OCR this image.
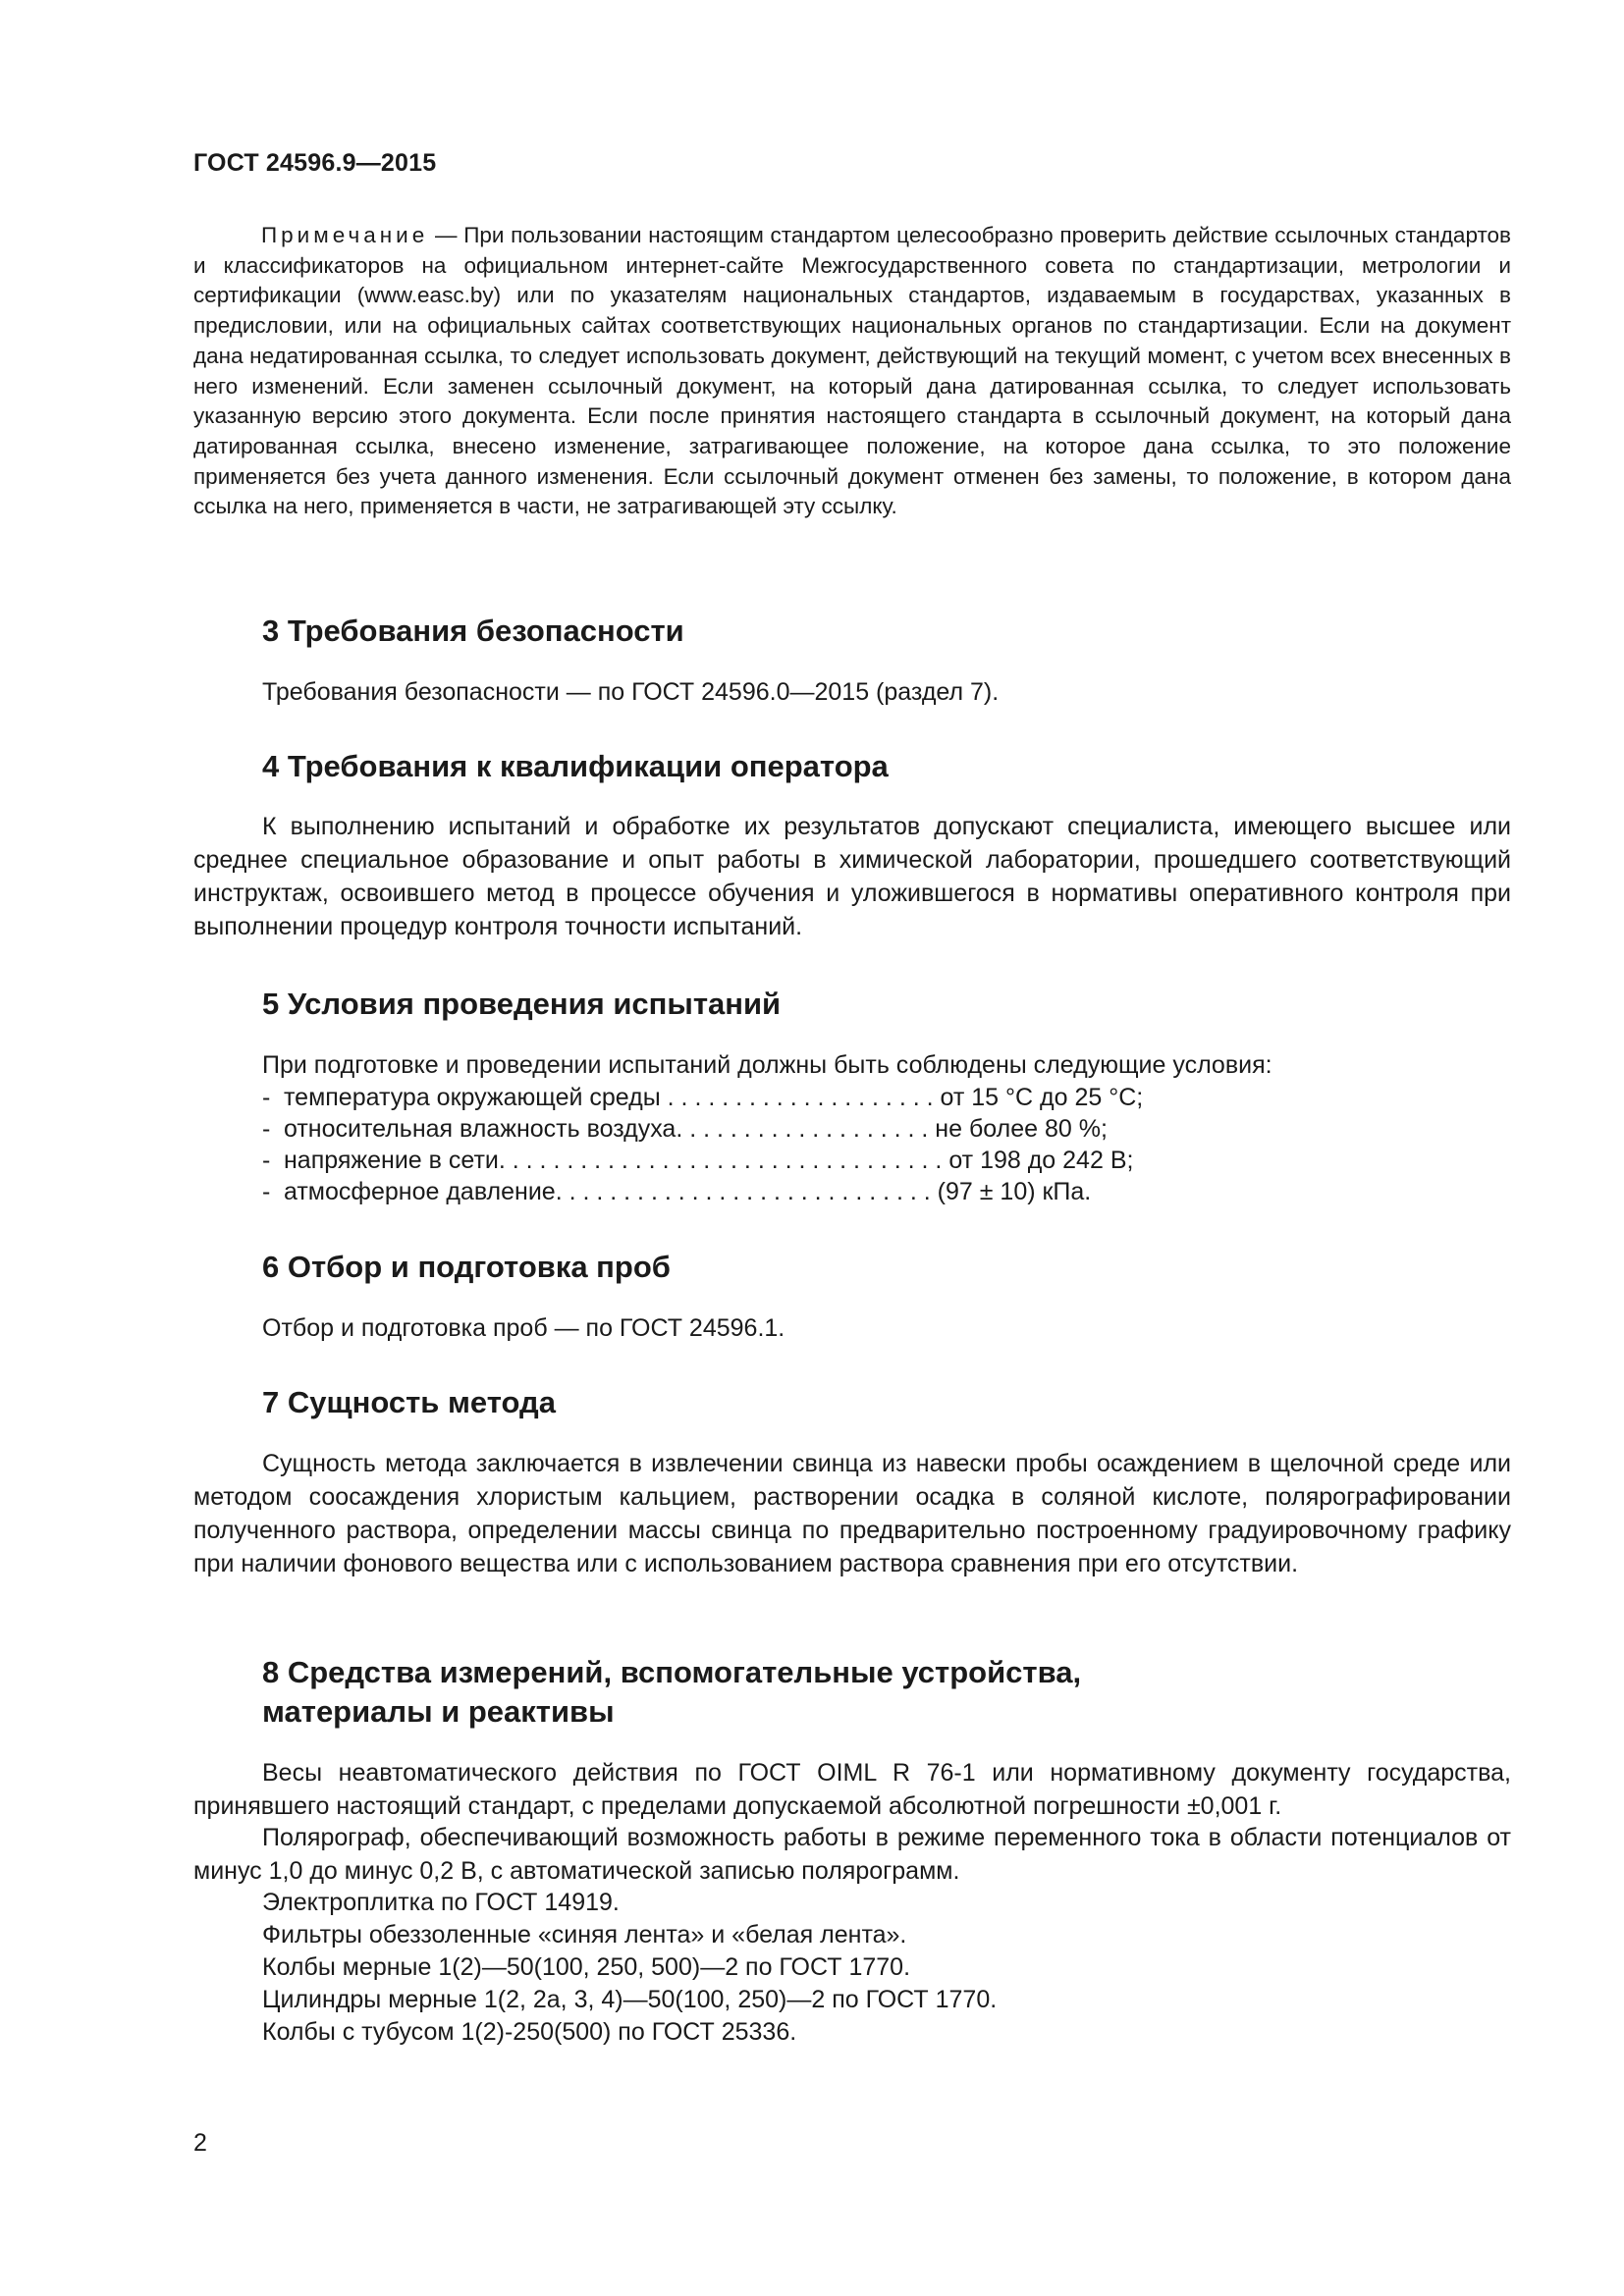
ГОСТ 24596.9—2015
Примечание — При пользовании настоящим стандартом целесообразно проверить действие ссылочных стандартов и классификаторов на официальном интернет-сайте Межгосударственного совета по стандартизации, метрологии и сертификации (www.easc.by) или по указателям национальных стандартов, издаваемым в государствах, указанных в предисловии, или на официальных сайтах соответствующих национальных органов по стандартизации. Если на документ дана недатированная ссылка, то следует использовать документ, действующий на текущий момент, с учетом всех внесенных в него изменений. Если заменен ссылочный документ, на который дана датированная ссылка, то следует использовать указанную версию этого документа. Если после принятия настоящего стандарта в ссылочный документ, на который дана датированная ссылка, внесено изменение, затрагивающее положение, на которое дана ссылка, то это положение применяется без учета данного изменения. Если ссылочный документ отменен без замены, то положение, в котором дана ссылка на него, применяется в части, не затрагивающей эту ссылку.
3 Требования безопасности
Требования безопасности — по ГОСТ 24596.0—2015 (раздел 7).
4 Требования к квалификации оператора
К выполнению испытаний и обработке их результатов допускают специалиста, имеющего высшее или среднее специальное образование и опыт работы в химической лаборатории, прошедшего соответствующий инструктаж, освоившего метод в процессе обучения и уложившегося в нормативы оперативного контроля при выполнении процедур контроля точности испытаний.
5 Условия проведения испытаний
При подготовке и проведении испытаний должны быть соблюдены следующие условия:
- температура окружающей среды . . . . . . . . . . . . . . . . . . . . от 15 °С до 25 °С;
- относительная влажность воздуха. . . . . . . . . . . . . . . . . . . не более 80 %;
- напряжение в сети. . . . . . . . . . . . . . . . . . . . . . . . . . . . . . . . . от 198 до 242 В;
- атмосферное давление. . . . . . . . . . . . . . . . . . . . . . . . . . . . (97 ± 10) кПа.
6 Отбор и подготовка проб
Отбор и подготовка проб — по ГОСТ 24596.1.
7 Сущность метода
Сущность метода заключается в извлечении свинца из навески пробы осаждением в щелочной среде или методом соосаждения хлористым кальцием, растворении осадка в соляной кислоте, полярографировании полученного раствора, определении массы свинца по предварительно построенному градуировочному графику при наличии фонового вещества или с использованием раствора сравнения при его отсутствии.
8 Средства измерений, вспомогательные устройства,
материалы и реактивы
Весы неавтоматического действия по ГОСТ OIML R 76-1 или нормативному документу государства, принявшего настоящий стандарт, с пределами допускаемой абсолютной погрешности ±0,001 г.
Полярограф, обеспечивающий возможность работы в режиме переменного тока в области потенциалов от минус 1,0 до минус 0,2 В, с автоматической записью полярограмм.
Электроплитка по ГОСТ 14919.
Фильтры обеззоленные «синяя лента» и «белая лента».
Колбы мерные 1(2)—50(100, 250, 500)—2 по ГОСТ 1770.
Цилиндры мерные 1(2, 2а, 3, 4)—50(100, 250)—2 по ГОСТ 1770.
Колбы с тубусом 1(2)-250(500) по ГОСТ 25336.
2
